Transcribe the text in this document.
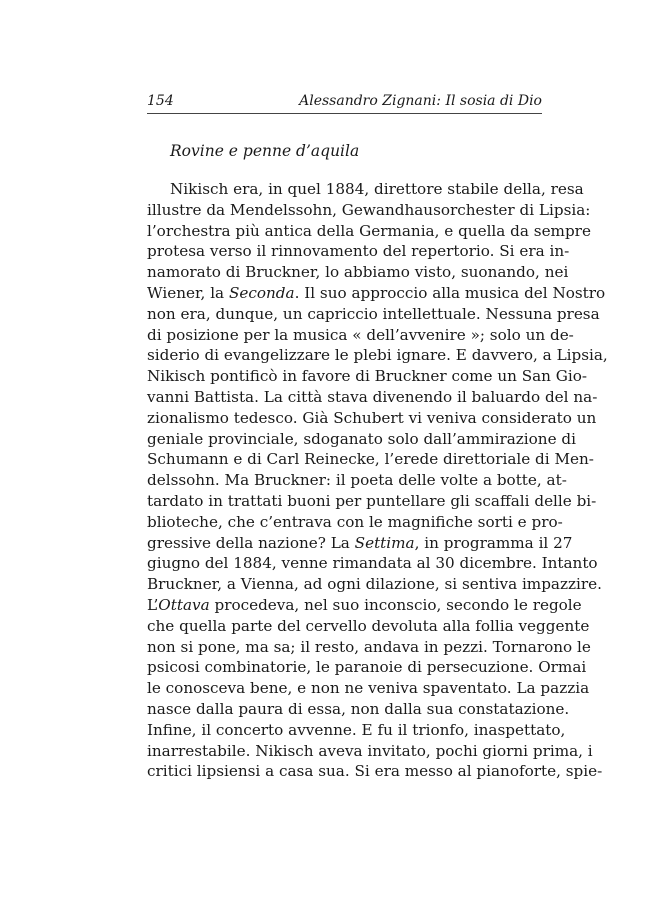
154	Alessandro Zignani: Il sosia di Dio
Rovine e penne d’aquila
Nikisch era, in quel 1884, direttore stabile della, resa
illustre da Mendelssohn, Gewandhausorchester di Lipsia:
l’orchestra più antica della Germania, e quella da sempre
protesa verso il rinnovamento del repertorio. Si era in-
namorato di Bruckner, lo abbiamo visto, suonando, nei
Wiener, la Seconda. Il suo approccio alla musica del Nostro
non era, dunque, un capriccio intellettuale. Nessuna presa
di posizione per la musica « dell’avvenire »; solo un de-
siderio di evangelizzare le plebi ignare. E davvero, a Lipsia,
Nikisch pontificò in favore di Bruckner come un San Gio-
vanni Battista. La città stava divenendo il baluardo del na-
zionalismo tedesco. Già Schubert vi veniva considerato un
geniale provinciale, sdoganato solo dall’ammirazione di
Schumann e di Carl Reinecke, l’erede direttoriale di Men-
delssohn. Ma Bruckner: il poeta delle volte a botte, at-
tardato in trattati buoni per puntellare gli scaffali delle bi-
blioteche, che c’entrava con le magnifiche sorti e pro-
gressive della nazione? La Settima, in programma il 27
giugno del 1884, venne rimandata al 30 dicembre. Intanto
Bruckner, a Vienna, ad ogni dilazione, si sentiva impazzire.
L’Ottava procedeva, nel suo inconscio, secondo le regole
che quella parte del cervello devoluta alla follia veggente
non si pone, ma sa; il resto, andava in pezzi. Tornarono le
psicosi combinatorie, le paranoie di persecuzione. Ormai
le conosceva bene, e non ne veniva spaventato. La pazzia
nasce dalla paura di essa, non dalla sua constatazione.
Infine, il concerto avvenne. E fu il trionfo, inaspettato,
inarrestabile. Nikisch aveva invitato, pochi giorni prima, i
critici lipsiensi a casa sua. Si era messo al pianoforte, spie-
